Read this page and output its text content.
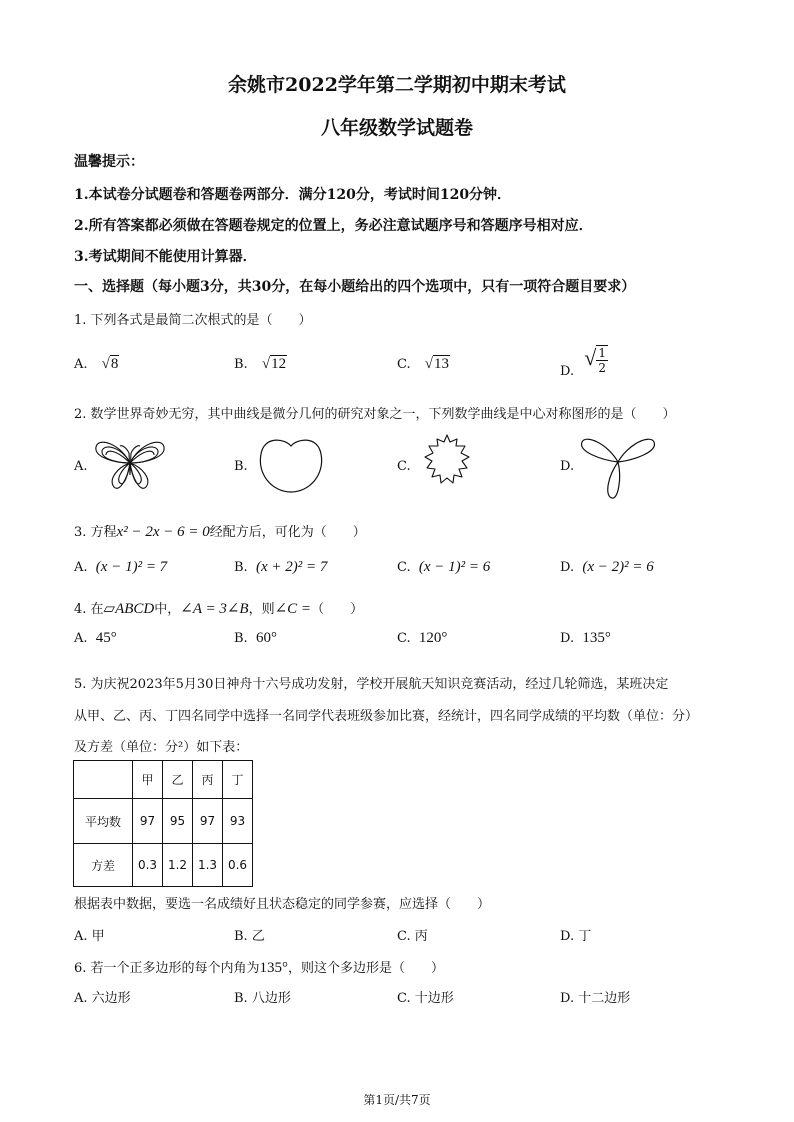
余姚市2022学年第二学期初中期末考试
八年级数学试题卷
温馨提示：
1.本试卷分试题卷和答题卷两部分．满分120分，考试时间120分钟．
2.所有答案都必须做在答题卷规定的位置上，务必注意试题序号和答题序号相对应．
3.考试期间不能使用计算器．
一、选择题（每小题3分，共30分，在每小题给出的四个选项中，只有一项符合题目要求）
1. 下列各式是最简二次根式的是（　　）
A. √8	B. √12	C. √13	D. √ $\frac{1}{2}$
2. 数学世界奇妙无穷，其中曲线是微分几何的研究对象之一，下列数学曲线是中心对称图形的是（　　）
A.	B.	C.	D.
3. 方程x² − 2x − 6 = 0经配方后，可化为（　　）
A. (x − 1)² = 7	B. (x + 2)² = 7	C. (x − 1)² = 6	D. (x − 2)² = 6
4. 在▱ABCD中，∠A = 3∠B，则∠C =（　　）
A. 45°	B. 60°	C. 120°	D. 135°
5. 为庆祝2023年5月30日神舟十六号成功发射，学校开展航天知识竞赛活动，经过几轮筛选，某班决定
从甲、乙、丙、丁四名同学中选择一名同学代表班级参加比赛，经统计，四名同学成绩的平均数（单位：分）
及方差（单位：分²）如下表：
	甲	乙	丙	丁
平均数	97	95	97	93
方差	0.3	1.2	1.3	0.6
根据表中数据，要选一名成绩好且状态稳定的同学参赛，应选择（　　）
A. 甲	B. 乙	C. 丙	D. 丁
6. 若一个正多边形的每个内角为135°，则这个多边形是（　　）
A. 六边形	B. 八边形	C. 十边形	D. 十二边形
第1页/共7页
